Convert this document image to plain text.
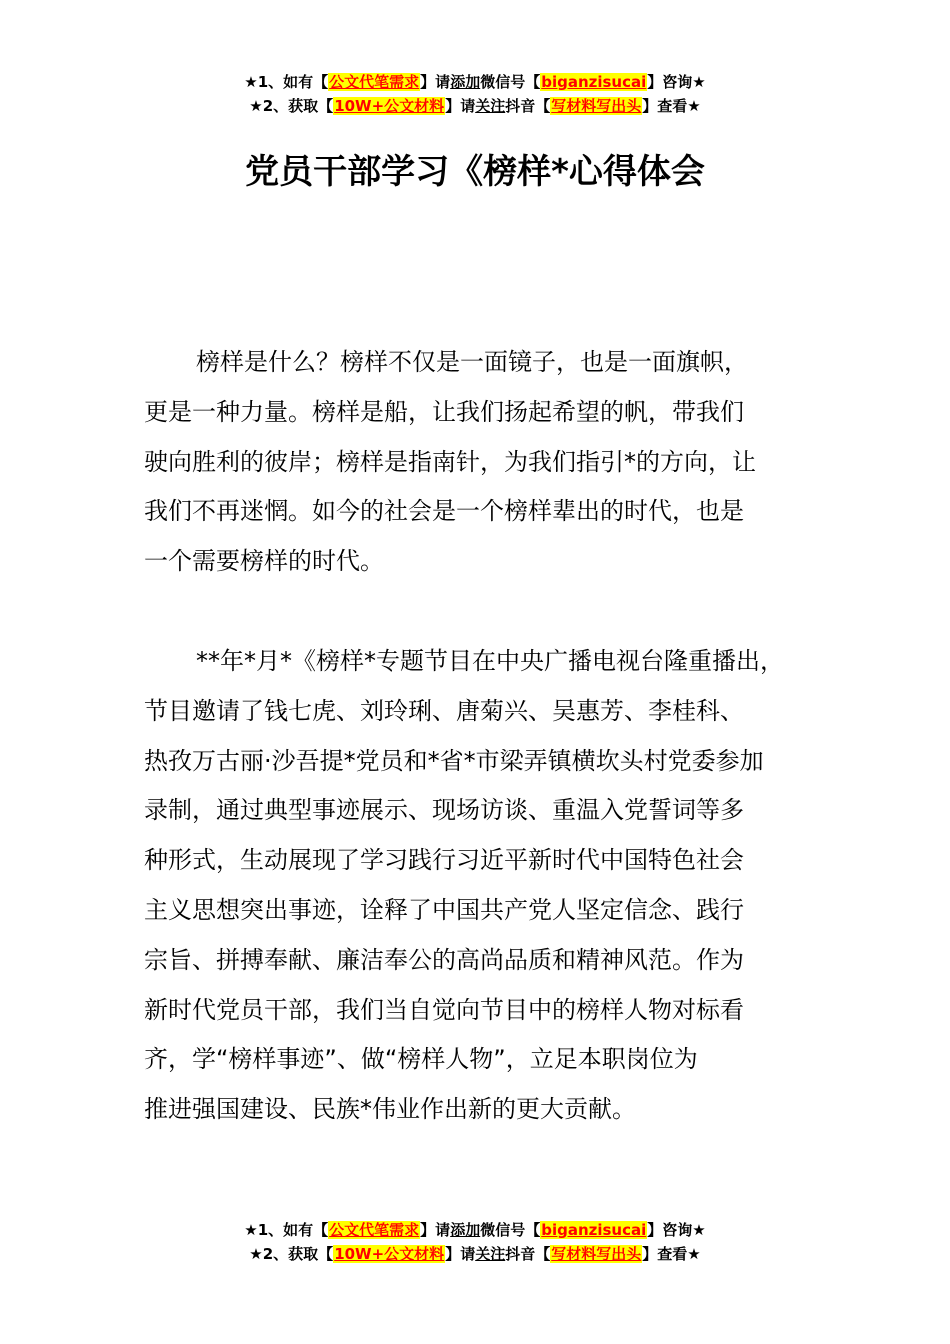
★1、如有【公文代笔需求】请添加微信号【biganzisucai】咨询★
★2、获取【10W+公文材料】请关注抖音【写材料写出头】查看★
党员干部学习《榜样*心得体会
榜样是什么？榜样不仅是一面镜子，也是一面旗帜，
更是一种力量。榜样是船，让我们扬起希望的帆，带我们
驶向胜利的彼岸；榜样是指南针，为我们指引*的方向，让
我们不再迷惘。如今的社会是一个榜样辈出的时代，也是
一个需要榜样的时代。
**年*月*《榜样*专题节目在中央广播电视台隆重播出，
节目邀请了钱七虎、刘玲琍、唐菊兴、吴惠芳、李桂科、
热孜万古丽·沙吾提*党员和*省*市梁弄镇横坎头村党委参加
录制，通过典型事迹展示、现场访谈、重温入党誓词等多
种形式，生动展现了学习践行习近平新时代中国特色社会
主义思想突出事迹，诠释了中国共产党人坚定信念、践行
宗旨、拼搏奉献、廉洁奉公的高尚品质和精神风范。作为
新时代党员干部，我们当自觉向节目中的榜样人物对标看
齐，学“榜样事迹”、做“榜样人物”，立足本职岗位为
推进强国建设、民族*伟业作出新的更大贡献。
★1、如有【公文代笔需求】请添加微信号【biganzisucai】咨询★
★2、获取【10W+公文材料】请关注抖音【写材料写出头】查看★
